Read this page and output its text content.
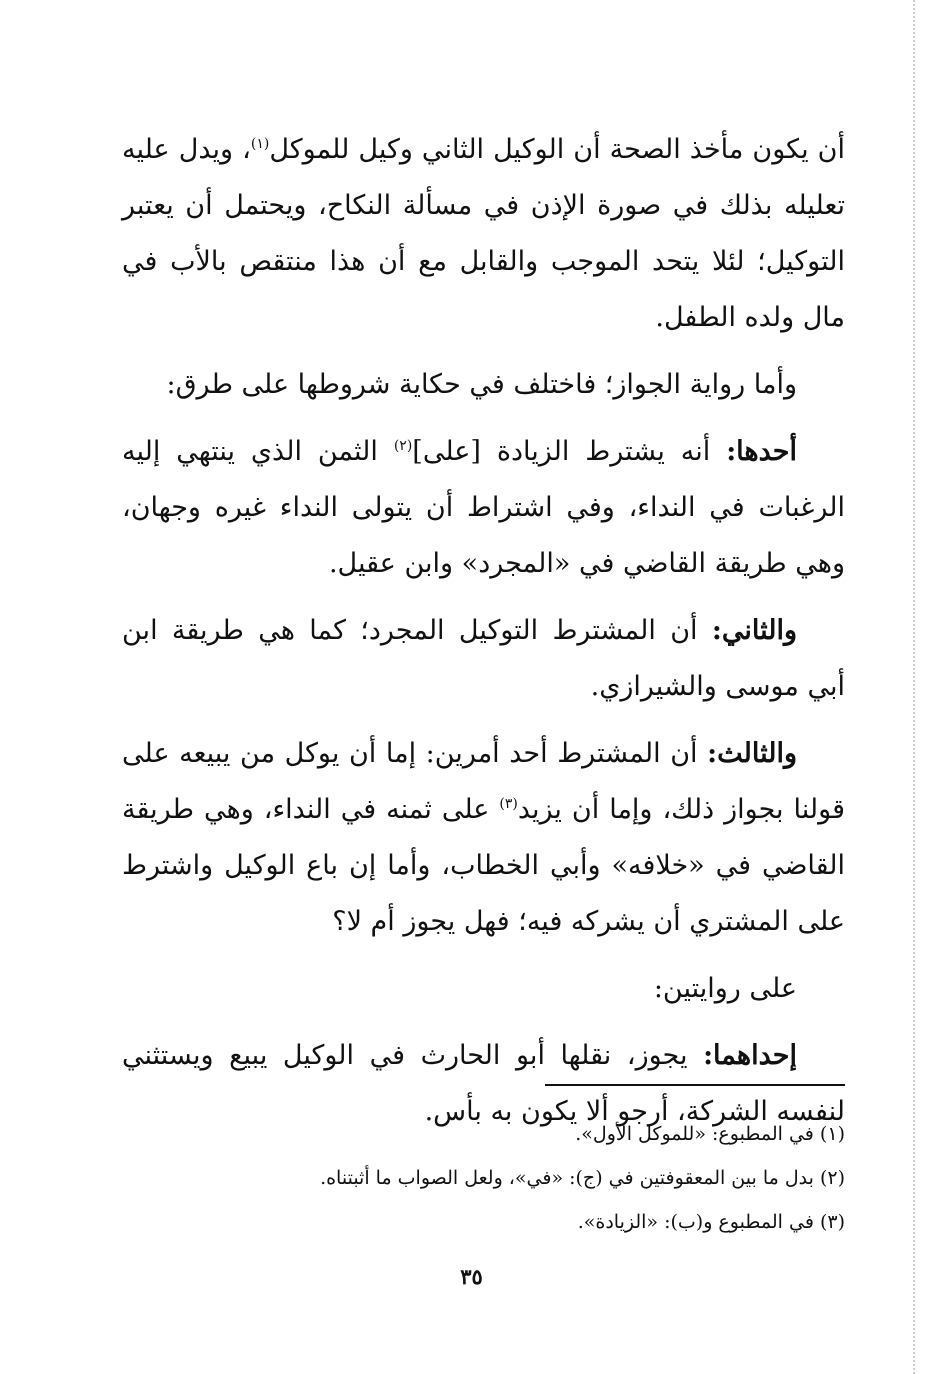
أن يكون مأخذ الصحة أن الوكيل الثاني وكيل للموكل$^{(١)}$، ويدل عليه تعليله بذلك في صورة الإذن في مسألة النكاح، ويحتمل أن يعتبر التوكيل؛ لئلا يتحد الموجب والقابل مع أن هذا منتقص بالأب في مال ولده الطفل.

وأما رواية الجواز؛ فاختلف في حكاية شروطها على طرق:

أحدها: أنه يشترط الزيادة [على]$^{(٢)}$ الثمن الذي ينتهي إليه الرغبات في النداء، وفي اشتراط أن يتولى النداء غيره وجهان، وهي طريقة القاضي في «المجرد» وابن عقيل.

والثاني: أن المشترط التوكيل المجرد؛ كما هي طريقة ابن أبي موسى والشيرازي.

والثالث: أن المشترط أحد أمرين: إما أن يوكل من يبيعه على قولنا بجواز ذلك، وإما أن يزيد$^{(٣)}$ على ثمنه في النداء، وهي طريقة القاضي في «خلافه» وأبي الخطاب، وأما إن باع الوكيل واشترط على المشتري أن يشركه فيه؛ فهل يجوز أم لا؟

على روايتين:

إحداهما: يجوز، نقلها أبو الحارث في الوكيل يبيع ويستثني لنفسه الشركة، أرجو ألا يكون به بأس.

(١) في المطبوع: «للموكل الأول».

(٢) بدل ما بين المعقوفتين في (ج): «في»، ولعل الصواب ما أثبتناه.

(٣) في المطبوع و(ب): «الزيادة».

٣٥
